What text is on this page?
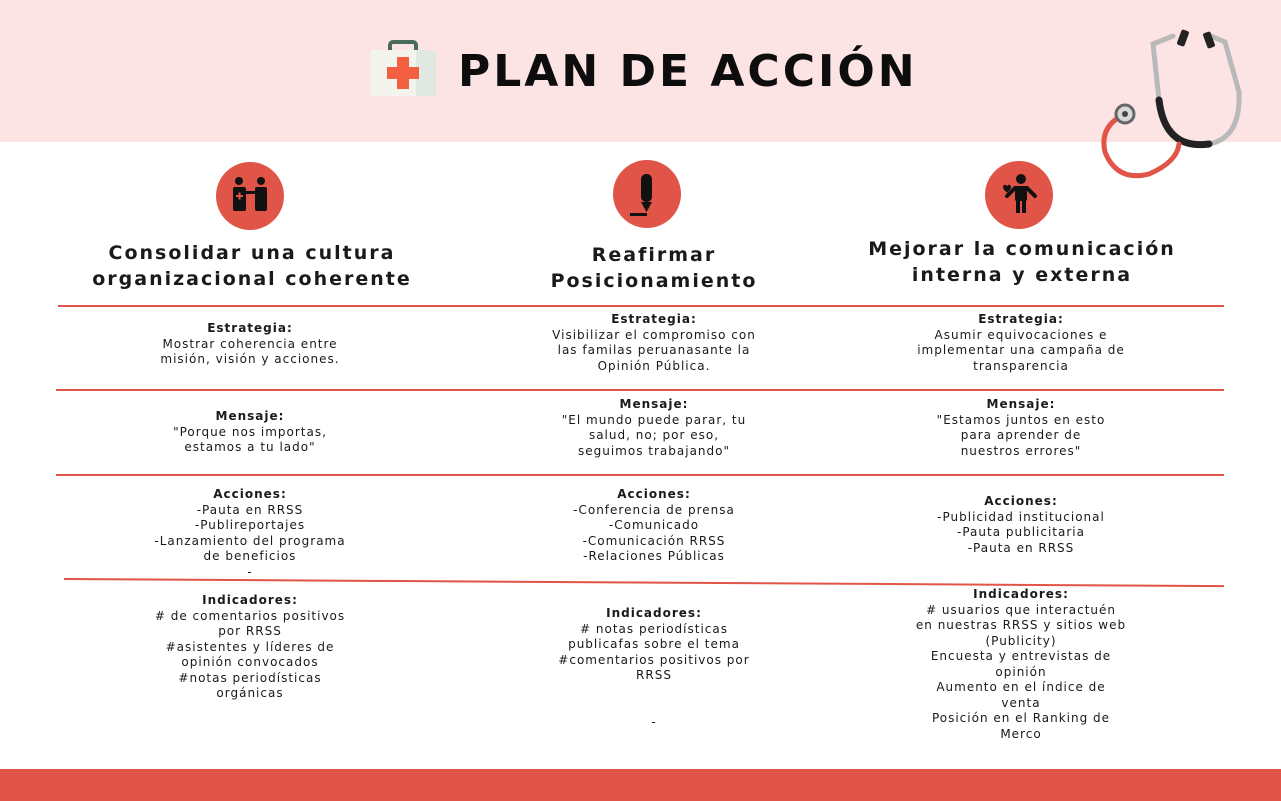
PLAN DE ACCIÓN
Consolidar una cultura
organizacional coherente
Reafirmar
Posicionamiento
Mejorar la comunicación
interna y externa
Estrategia:
Mostrar coherencia entre
misión, visión y acciones.
Mensaje:
"Porque nos importas,
estamos a tu lado"
Acciones:
-Pauta en RRSS
-Publireportajes
-Lanzamiento del programa
de beneficios
-
Indicadores:
# de comentarios positivos
por RRSS
#asistentes y líderes de
opinión convocados
#notas periodísticas
orgánicas
Estrategia:
Visibilizar el compromiso con
las familas peruanasante la
Opinión Pública.
Mensaje:
"El mundo puede parar, tu
salud, no; por eso,
seguimos trabajando"
Acciones:
-Conferencia de prensa
-Comunicado
-Comunicación RRSS
-Relaciones Públicas
Indicadores:
# notas periodísticas
publicafas sobre el tema
#comentarios positivos por
RRSS

-
Estrategia:
Asumir equivocaciones e
implementar una campaña de
transparencia
Mensaje:
"Estamos juntos en esto
para aprender de
nuestros errores"
Acciones:
-Publicidad institucional
-Pauta publicitaria
-Pauta en RRSS
Indicadores:
# usuarios que interactuén
en nuestras RRSS y sitios web
(Publicity)
Encuesta y entrevistas de
opinión
Aumento en el índice de
venta
Posición en el Ranking de
Merco
